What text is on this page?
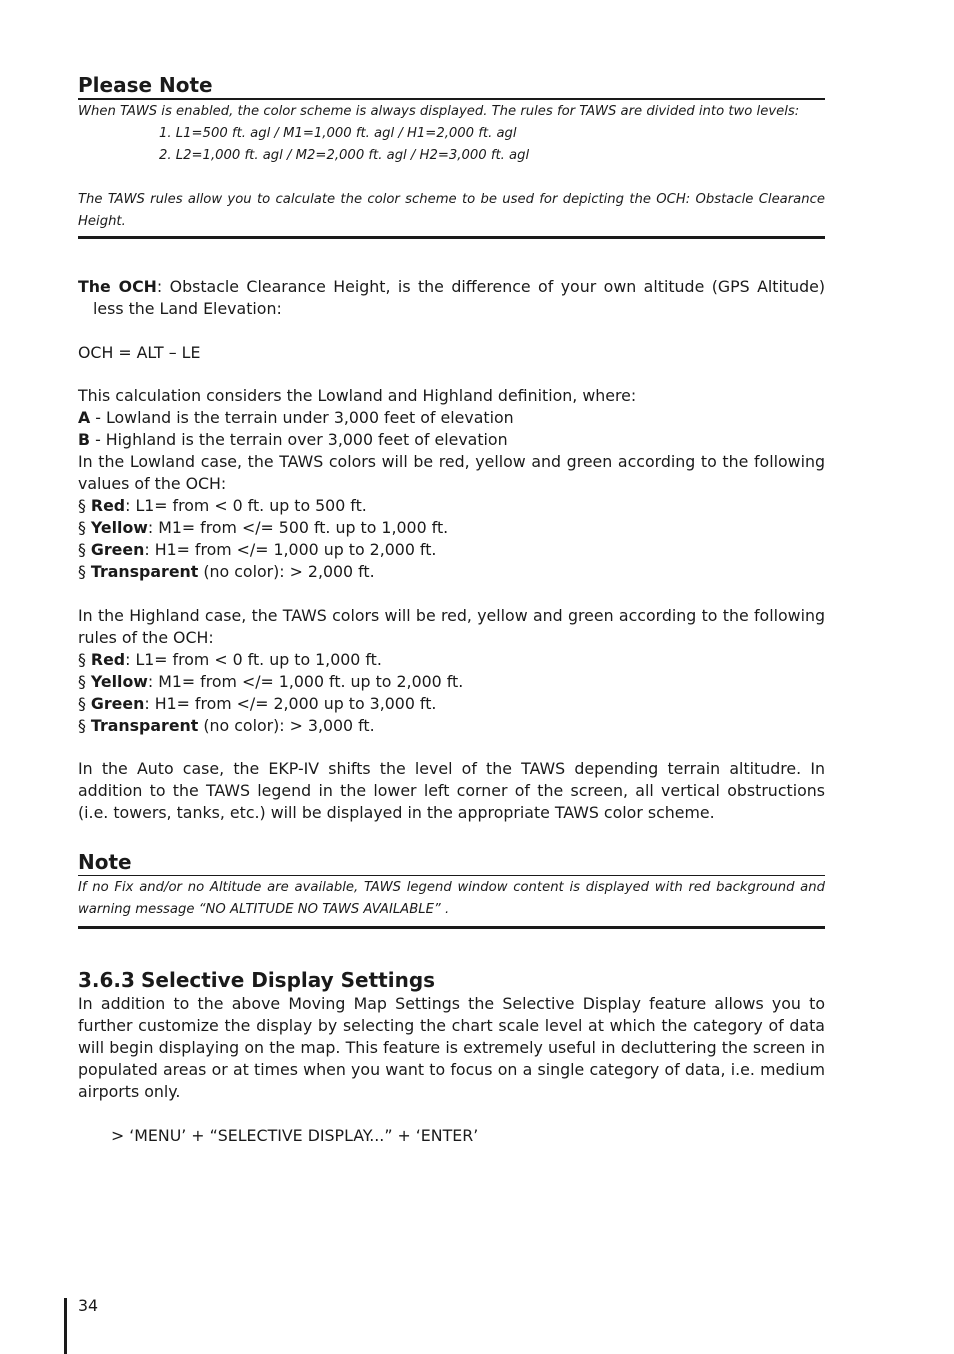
Please Note

When TAWS is enabled, the color scheme is always displayed. The rules for TAWS are divided into two levels:

1. L1=500 ft. agl / M1=1,000 ft. agl / H1=2,000 ft. agl

2. L2=1,000 ft. agl / M2=2,000 ft. agl / H2=3,000 ft. agl

The TAWS rules allow you to calculate the color scheme to be used for depicting the OCH: Obstacle Clearance Height.

The OCH: Obstacle Clearance Height, is the difference of your own altitude (GPS Altitude) less the Land Elevation:

OCH = ALT – LE

This calculation considers the Lowland and Highland definition, where:

A - Lowland is the terrain under 3,000 feet of elevation

B - Highland is the terrain over 3,000 feet of elevation

In the Lowland case, the TAWS colors will be red, yellow and green according to the following values of the OCH:

§ Red: L1= from < 0 ft. up to 500 ft.

§ Yellow: M1= from </= 500 ft. up to 1,000 ft.

§ Green: H1= from </= 1,000 up to 2,000 ft.

§ Transparent (no color): > 2,000 ft.

In the Highland case, the TAWS colors will be red, yellow and green according to the following rules of the OCH:

§ Red: L1= from < 0 ft. up to 1,000 ft.

§ Yellow: M1= from </= 1,000 ft. up to 2,000 ft.

§ Green: H1= from </= 2,000 up to 3,000 ft.

§ Transparent (no color): > 3,000 ft.

In the Auto case, the EKP-IV shifts the level of the TAWS depending terrain altitudre. In addition to the TAWS legend in the lower left corner of the screen, all vertical obstructions (i.e. towers, tanks, etc.) will be displayed in the appropriate TAWS color scheme.

Note
If no Fix and/or no Altitude are available, TAWS legend window content is displayed with red background and warning message “NO ALTITUDE NO TAWS AVAILABLE” .
3.6.3 Selective Display Settings

In addition to the above Moving Map Settings the Selective Display feature allows you to further customize the display by selecting the chart scale level at which the category of data will begin displaying on the map. This feature is extremely useful in decluttering the screen in populated areas or at times when you want to focus on a single category of data, i.e. medium airports only.

> ‘MENU’ + “SELECTIVE DISPLAY...” + ‘ENTER’

34
